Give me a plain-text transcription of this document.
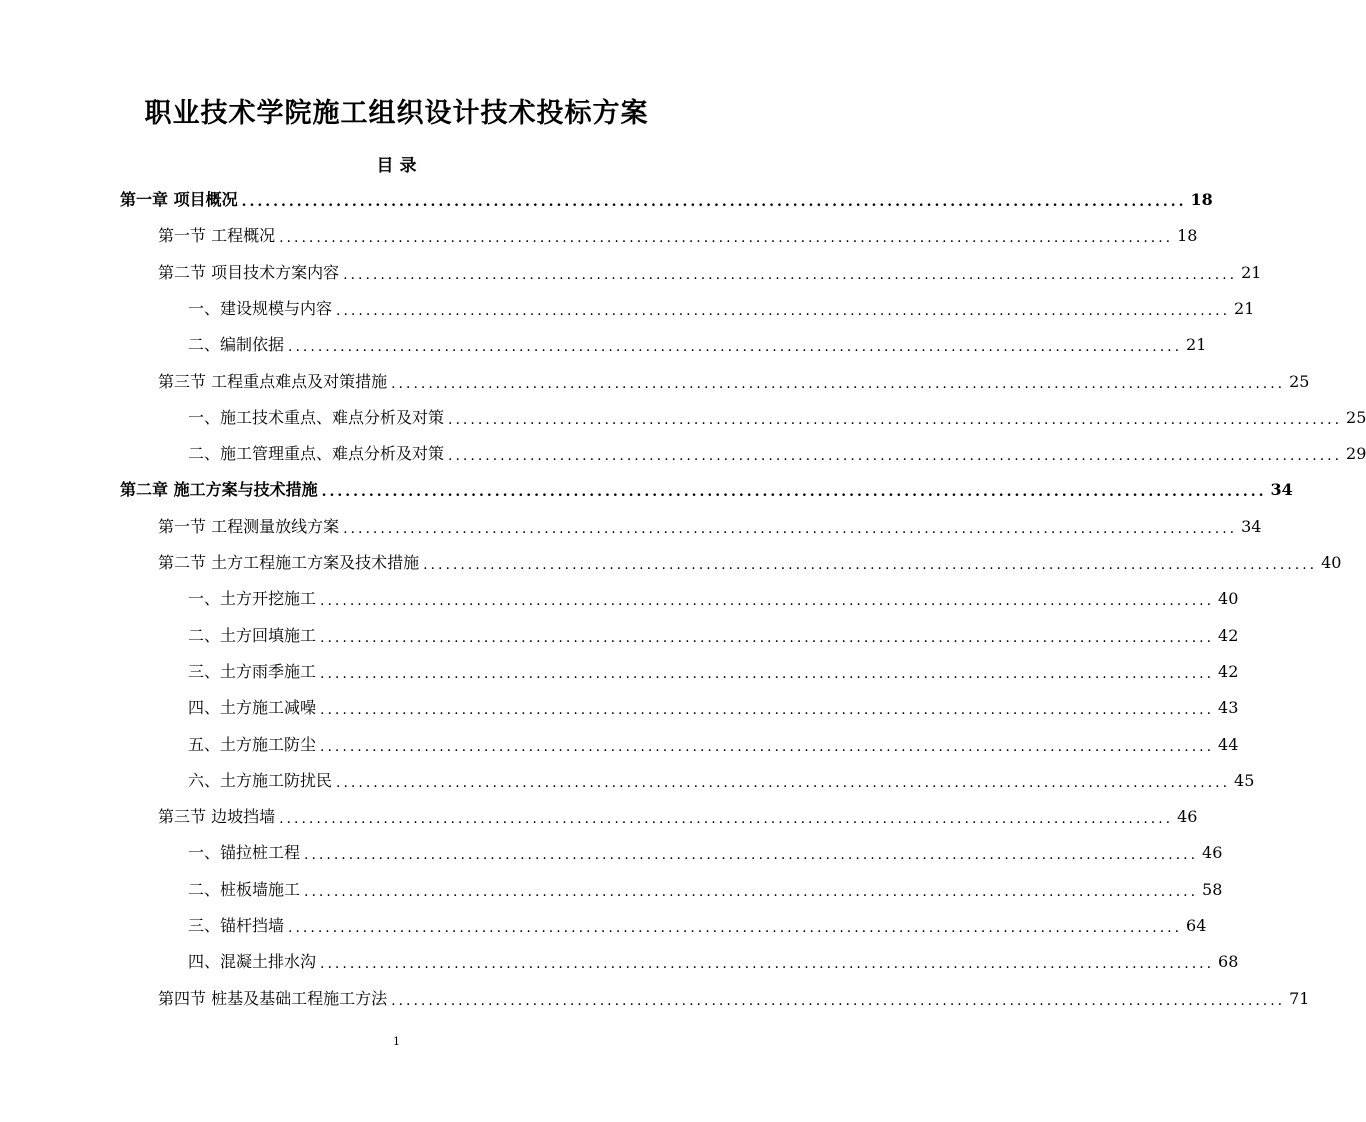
职业技术学院施工组织设计技术投标方案
目 录
第一章 项目概况 ........................................................................................................................ 18
第一节 工程概况 ........................................................................................................................ 18
第二节 项目技术方案内容 ........................................................................................................................ 21
一、建设规模与内容 ........................................................................................................................ 21
二、编制依据 ........................................................................................................................ 21
第三节 工程重点难点及对策措施 ........................................................................................................................ 25
一、施工技术重点、难点分析及对策 ........................................................................................................................ 25
二、施工管理重点、难点分析及对策 ........................................................................................................................ 29
第二章 施工方案与技术措施 ........................................................................................................................ 34
第一节 工程测量放线方案 ........................................................................................................................ 34
第二节 土方工程施工方案及技术措施 ........................................................................................................................ 40
一、土方开挖施工 ........................................................................................................................ 40
二、土方回填施工 ........................................................................................................................ 42
三、土方雨季施工 ........................................................................................................................ 42
四、土方施工减噪 ........................................................................................................................ 43
五、土方施工防尘 ........................................................................................................................ 44
六、土方施工防扰民 ........................................................................................................................ 45
第三节 边坡挡墙 ........................................................................................................................ 46
一、锚拉桩工程 ........................................................................................................................ 46
二、桩板墙施工 ........................................................................................................................ 58
三、锚杆挡墙 ........................................................................................................................ 64
四、混凝土排水沟 ........................................................................................................................ 68
第四节 桩基及基础工程施工方法 ........................................................................................................................ 71
1
